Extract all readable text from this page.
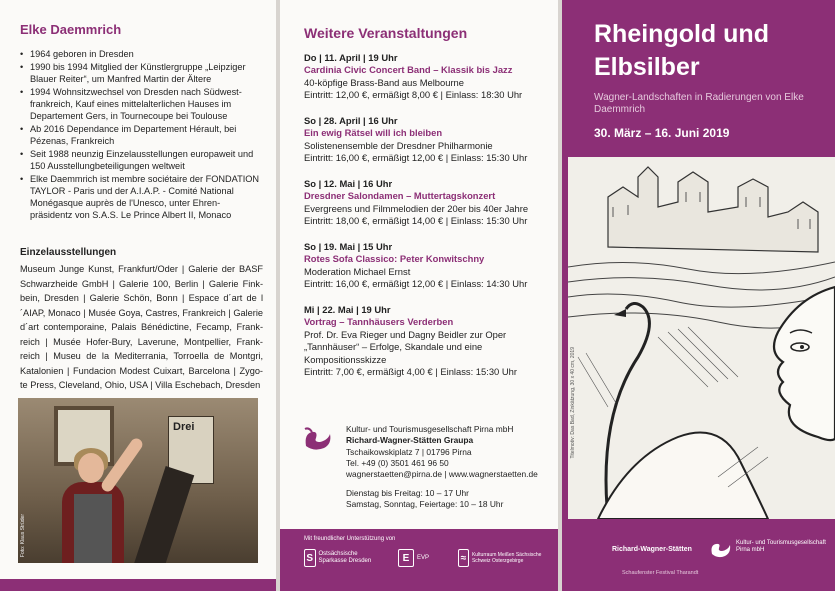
Elke Daemmrich
• 1964 geboren in Dresden
• 1990 bis 1994 Mitglied der Künstlergruppe „Leipziger Blauer Reiter“, um Manfred Martin der Ältere
• 1994 Wohnsitzwechsel von Dresden nach Südwest-frankreich, Kauf eines mittelalterlichen Hauses im Departement Gers, in Tournecoupe bei Toulouse
• Ab 2016 Dependance im Departement Hérault, bei Pézenas, Frankreich
• Seit 1988 neunzig Einzelausstellungen europaweit und 150 Ausstellungbeteiligungen weltweit
• Elke Daemmrich ist membre sociétaire der FONDATION TAYLOR - Paris und der A.I.A.P. - Comité National Monégasque auprès de l'Unesco, unter Ehren-präsidentz von S.A.S. Le Prince Albert II, Monaco
Einzelausstellungen

Museum Junge Kunst, Frankfurt/Oder | Galerie der BASF Schwarzheide GmbH | Galerie 100, Berlin | Galerie Fink-bein, Dresden | Galerie Schön, Bonn | Espace d´art de l´AIAP, Monaco | Musée Goya, Castres, Frankreich | Galerie d´art contemporaine, Palais Bénédictine, Fecamp, Frank-reich | Musée Hofer-Bury, Laverune, Montpellier, Frank-reich | Museu de la Mediterrania, Torroella de Montgri, Katalonien | Fundacion Modest Cuixart, Barcelona | Zygo-te Press, Cleveland, Ohio, USA | Villa Eschebach, Dresden

Drei
Foto: Klaus Strüder
Weitere Veranstaltungen
Do | 11. April | 19 Uhr
Cardinia Civic Concert Band – Klassik bis Jazz
40-köpfige Brass-Band aus Melbourne
Eintritt: 12,00 €, ermäßigt 8,00 € | Einlass: 18:30 Uhr
So | 28. April | 16 Uhr
Ein ewig Rätsel will ich bleiben
Solistenensemble der Dresdner Philharmonie
Eintritt: 16,00 €, ermäßigt 12,00 € | Einlass: 15:30 Uhr
So | 12. Mai | 16 Uhr
Dresdner Salondamen – Muttertagskonzert
Evergreens und Filmmelodien der 20er bis 40er Jahre
Eintritt: 18,00 €, ermäßigt 14,00 € | Einlass: 15:30 Uhr
So | 19. Mai | 15 Uhr
Rotes Sofa Classico: Peter Konwitschny
Moderation Michael Ernst
Eintritt: 16,00 €, ermäßigt 12,00 € | Einlass: 14:30 Uhr
Mi | 22. Mai | 19 Uhr
Vortrag – Tannhäusers Verderben
Prof. Dr. Eva Rieger und Dagny Beidler zur Oper „Tannhäuser“ – Erfolge, Skandale und eine Kompositionsskizze
Eintritt: 7,00 €, ermäßigt 4,00 € | Einlass: 15:30 Uhr
Kultur- und Tourismusgesellschaft Pirna mbH
Richard-Wagner-Stätten Graupa
Tschaikowskiplatz 7 | 01796 Pirna
Tel. +49 (0) 3501 461 96 50
wagnerstaetten@pirna.de | www.wagnerstaetten.de
Dienstag bis Freitag: 10 – 17 Uhr
Samstag, Sonntag, Feiertage: 10 – 18 Uhr
Mit freundlicher Unterstützung von
S Ostsächsische Sparkasse Dresden	E	EVP	≈	Kulturraum Meißen Sächsische Schweiz Osterzgebirge
Rheingold und Elbsilber
Wagner-Landschaften in Radierungen von Elke Daemmrich
30. März – 16. Juni 2019
Titelmotiv: Das Bad, Zinkätzung, 30 x 40 cm, 2019
Richard-Wagner-Stätten
Kultur- und Tourismusgesellschaft Pirna mbH
Schaufenster Festival Tharandt
